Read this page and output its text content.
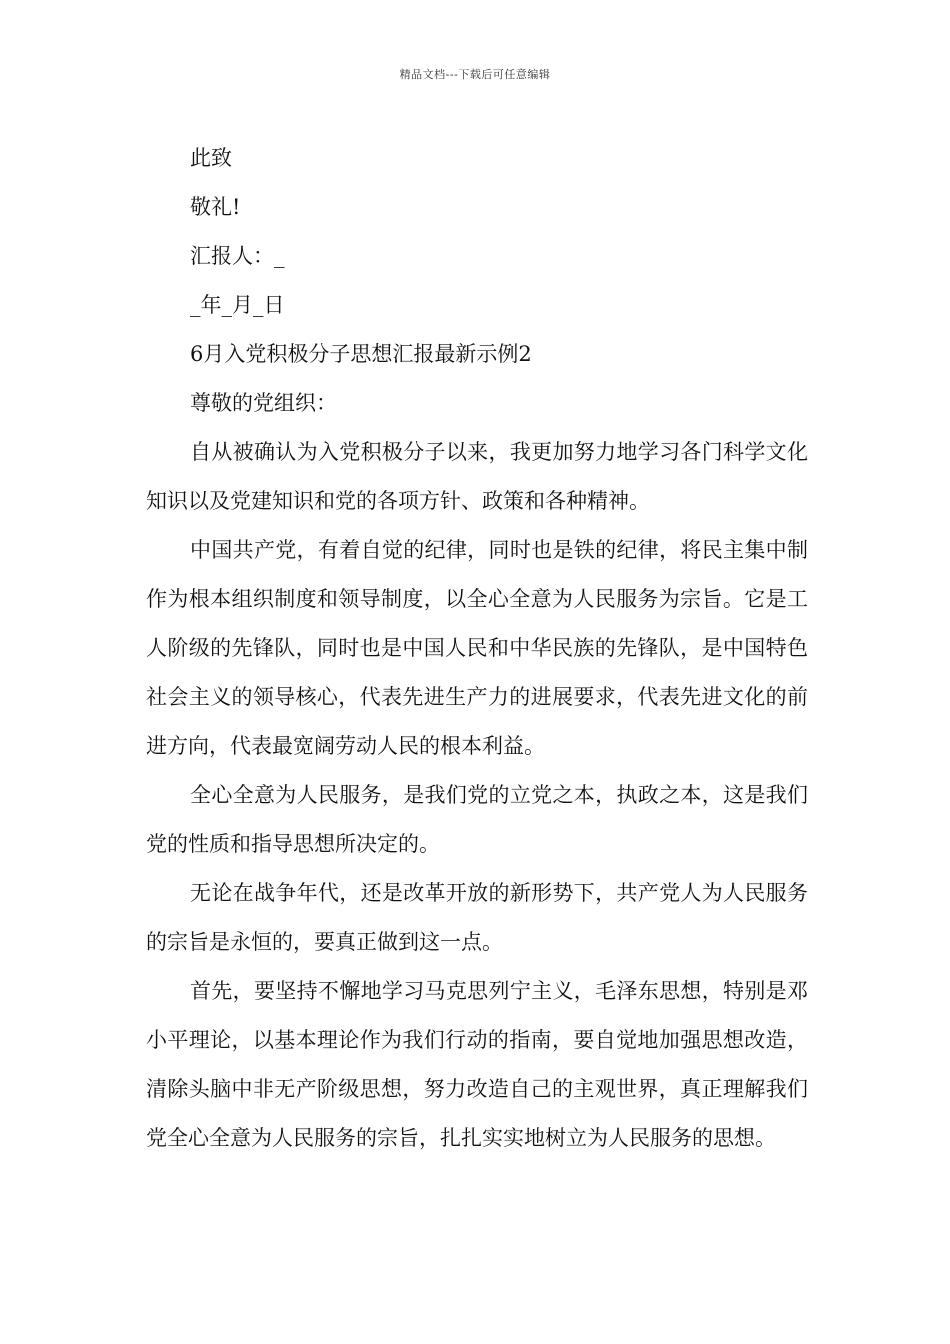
精品文档---下载后可任意编辑

此致

敬礼!

汇报人：_

_年_月_日

6月入党积极分子思想汇报最新示例2

尊敬的党组织：

自从被确认为入党积极分子以来，我更加努力地学习各门科学文化知识以及党建知识和党的各项方针、政策和各种精神。

中国共产党，有着自觉的纪律，同时也是铁的纪律，将民主集中制作为根本组织制度和领导制度，以全心全意为人民服务为宗旨。它是工人阶级的先锋队，同时也是中国人民和中华民族的先锋队，是中国特色社会主义的领导核心，代表先进生产力的进展要求，代表先进文化的前进方向，代表最宽阔劳动人民的根本利益。

全心全意为人民服务，是我们党的立党之本，执政之本，这是我们党的性质和指导思想所决定的。

无论在战争年代，还是改革开放的新形势下，共产党人为人民服务的宗旨是永恒的，要真正做到这一点。

首先，要坚持不懈地学习马克思列宁主义，毛泽东思想，特别是邓小平理论，以基本理论作为我们行动的指南，要自觉地加强思想改造，清除头脑中非无产阶级思想，努力改造自己的主观世界，真正理解我们党全心全意为人民服务的宗旨，扎扎实实地树立为人民服务的思想。
